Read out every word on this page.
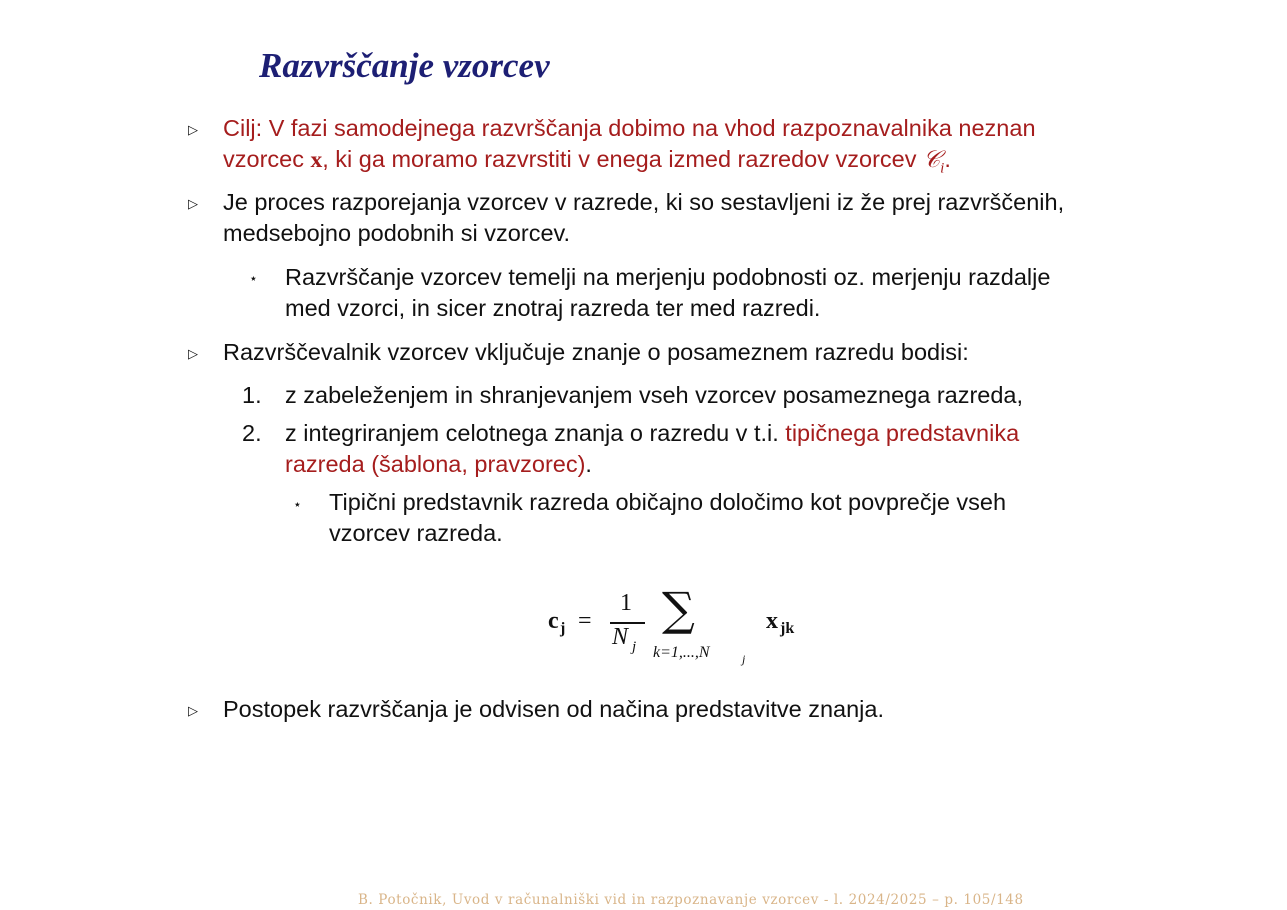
Razvrščanje vzorcev
▷ Cilj: V fazi samodejnega razvrščanja dobimo na vhod razpoznavalnika neznan
vzorcec x, ki ga moramo razvrstiti v enega izmed razredov vzorcev 𝒞$_i$.
▷ Je proces razporejanja vzorcev v razrede, ki so sestavljeni iz že prej razvrščenih,
medsebojno podobnih si vzorcev.
⋆ Razvrščanje vzorcev temelji na merjenju podobnosti oz. merjenju razdalje
med vzorci, in sicer znotraj razreda ter med razredi.
▷ Razvrščevalnik vzorcev vključuje znanje o posameznem razredu bodisi:
1. z zabeleženjem in shranjevanjem vseh vzorcev posameznega razreda,
2. z integriranjem celotnega znanja o razredu v t.i. tipičnega predstavnika
razreda (šablona, pravzorec).
⋆ Tipični predstavnik razreda običajno določimo kot povprečje vseh
vzorcev razreda.
c j =
1
N j
∑
k=1,...,N	j
x jk
▷ Postopek razvrščanja je odvisen od načina predstavitve znanja.
B. Potočnik, Uvod v računalniški vid in razpoznavanje vzorcev - l. 2024/2025 – p. 105/148
